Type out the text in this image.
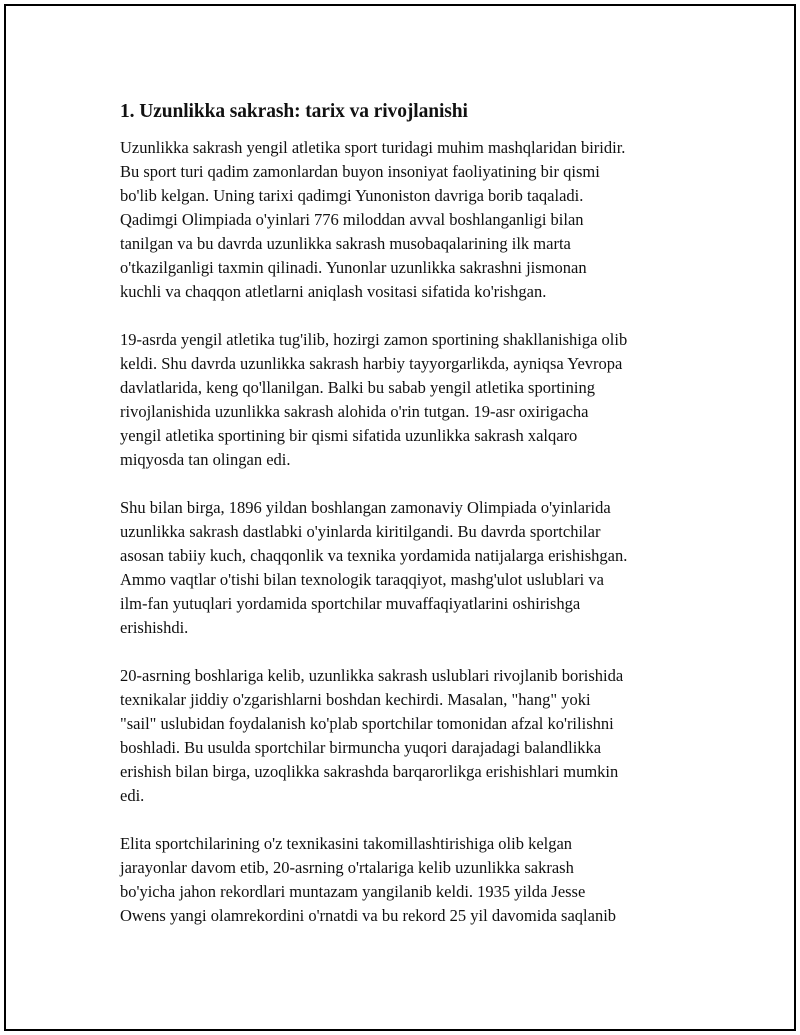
1. Uzunlikka sakrash: tarix va rivojlanishi

Uzunlikka sakrash yengil atletika sport turidagi muhim mashqlaridan biridir.
Bu sport turi qadim zamonlardan buyon insoniyat faoliyatining bir qismi
bo'lib kelgan. Uning tarixi qadimgi Yunoniston davriga borib taqaladi.
Qadimgi Olimpiada o'yinlari 776 miloddan avval boshlanganligi bilan
tanilgan va bu davrda uzunlikka sakrash musobaqalarining ilk marta
o'tkazilganligi taxmin qilinadi. Yunonlar uzunlikka sakrashni jismonan
kuchli va chaqqon atletlarni aniqlash vositasi sifatida ko'rishgan.

19-asrda yengil atletika tug'ilib, hozirgi zamon sportining shakllanishiga olib
keldi. Shu davrda uzunlikka sakrash harbiy tayyorgarlikda, ayniqsa Yevropa
davlatlarida, keng qo'llanilgan. Balki bu sabab yengil atletika sportining
rivojlanishida uzunlikka sakrash alohida o'rin tutgan. 19-asr oxirigacha
yengil atletika sportining bir qismi sifatida uzunlikka sakrash xalqaro
miqyosda tan olingan edi.

Shu bilan birga, 1896 yildan boshlangan zamonaviy Olimpiada o'yinlarida
uzunlikka sakrash dastlabki o'yinlarda kiritilgandi. Bu davrda sportchilar
asosan tabiiy kuch, chaqqonlik va texnika yordamida natijalarga erishishgan.
Ammo vaqtlar o'tishi bilan texnologik taraqqiyot, mashg'ulot uslublari va
ilm-fan yutuqlari yordamida sportchilar muvaffaqiyatlarini oshirishga
erishishdi.

20-asrning boshlariga kelib, uzunlikka sakrash uslublari rivojlanib borishida
texnikalar jiddiy o'zgarishlarni boshdan kechirdi. Masalan, "hang" yoki
"sail" uslubidan foydalanish ko'plab sportchilar tomonidan afzal ko'rilishni
boshladi. Bu usulda sportchilar birmuncha yuqori darajadagi balandlikka
erishish bilan birga, uzoqlikka sakrashda barqarorlikga erishishlari mumkin
edi.

Elita sportchilarining o'z texnikasini takomillashtirishiga olib kelgan
jarayonlar davom etib, 20-asrning o'rtalariga kelib uzunlikka sakrash
bo'yicha jahon rekordlari muntazam yangilanib keldi. 1935 yilda Jesse
Owens yangi olamrekordini o'rnatdi va bu rekord 25 yil davomida saqlanib
